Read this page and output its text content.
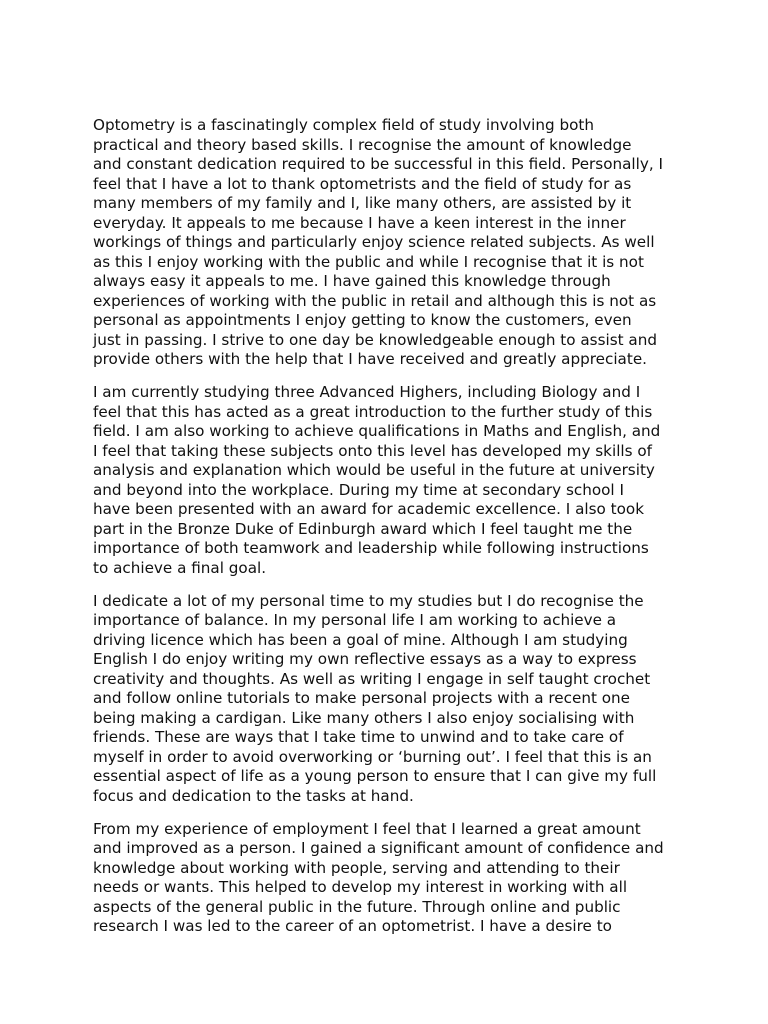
Optometry is a fascinatingly complex field of study involving both
practical and theory based skills. I recognise the amount of knowledge
and constant dedication required to be successful in this field. Personally, I
feel that I have a lot to thank optometrists and the field of study for as
many members of my family and I, like many others, are assisted by it
everyday. It appeals to me because I have a keen interest in the inner
workings of things and particularly enjoy science related subjects. As well
as this I enjoy working with the public and while I recognise that it is not
always easy it appeals to me. I have gained this knowledge through
experiences of working with the public in retail and although this is not as
personal as appointments I enjoy getting to know the customers, even
just in passing. I strive to one day be knowledgeable enough to assist and
provide others with the help that I have received and greatly appreciate.

I am currently studying three Advanced Highers, including Biology and I
feel that this has acted as a great introduction to the further study of this
field. I am also working to achieve qualifications in Maths and English, and
I feel that taking these subjects onto this level has developed my skills of
analysis and explanation which would be useful in the future at university
and beyond into the workplace. During my time at secondary school I
have been presented with an award for academic excellence. I also took
part in the Bronze Duke of Edinburgh award which I feel taught me the
importance of both teamwork and leadership while following instructions
to achieve a final goal.

I dedicate a lot of my personal time to my studies but I do recognise the
importance of balance. In my personal life I am working to achieve a
driving licence which has been a goal of mine. Although I am studying
English I do enjoy writing my own reflective essays as a way to express
creativity and thoughts. As well as writing I engage in self taught crochet
and follow online tutorials to make personal projects with a recent one
being making a cardigan. Like many others I also enjoy socialising with
friends. These are ways that I take time to unwind and to take care of
myself in order to avoid overworking or ‘burning out’. I feel that this is an
essential aspect of life as a young person to ensure that I can give my full
focus and dedication to the tasks at hand.

From my experience of employment I feel that I learned a great amount
and improved as a person. I gained a significant amount of confidence and
knowledge about working with people, serving and attending to their
needs or wants. This helped to develop my interest in working with all
aspects of the general public in the future. Through online and public
research I was led to the career of an optometrist. I have a desire to
